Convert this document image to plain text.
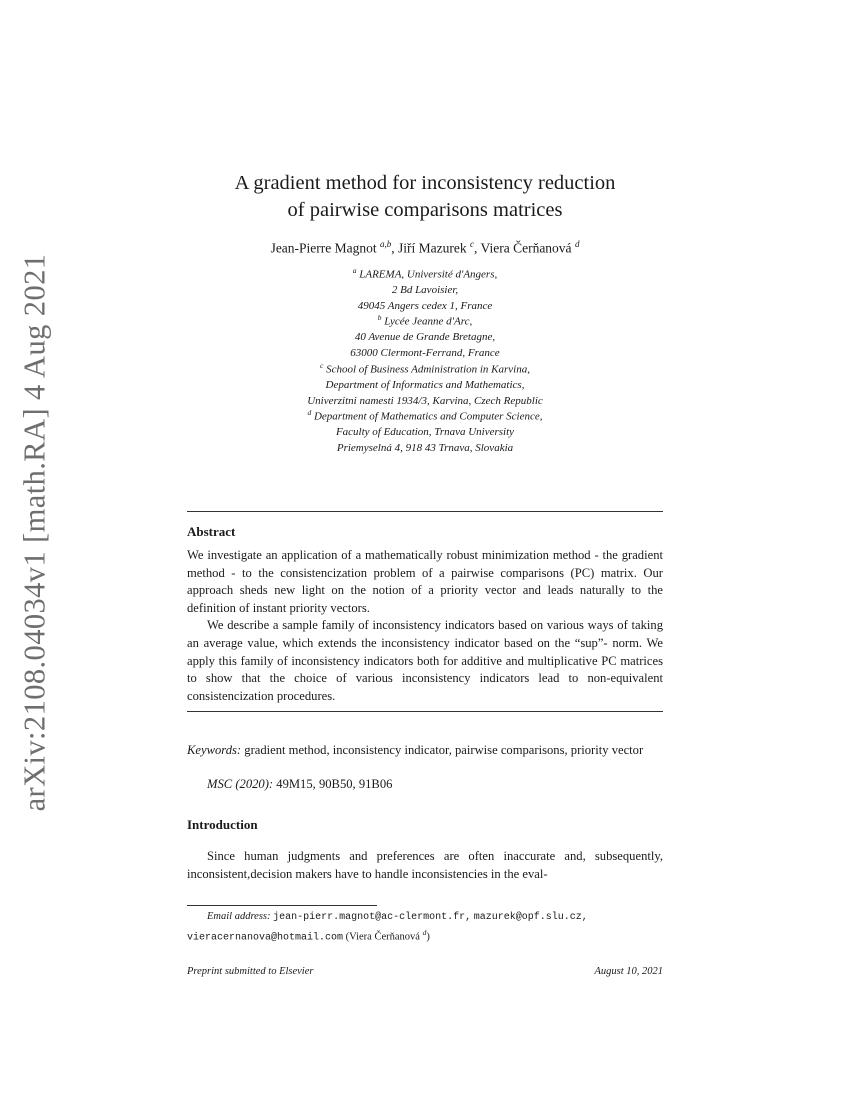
arXiv:2108.04034v1 [math.RA] 4 Aug 2021
A gradient method for inconsistency reduction
of pairwise comparisons matrices
Jean-Pierre Magnot $^{a,b}$, Jiří Mazurek $^c$, Viera Čerňanová $^d$
$^a$ LAREMA, Université d'Angers,
2 Bd Lavoisier,
49045 Angers cedex 1, France
$^b$ Lycée Jeanne d'Arc,
40 Avenue de Grande Bretagne,
63000 Clermont-Ferrand, France
$^c$ School of Business Administration in Karvina,
Department of Informatics and Mathematics,
Univerzitni namesti 1934/3, Karvina, Czech Republic
$^d$ Department of Mathematics and Computer Science,
Faculty of Education, Trnava University
Priemyselná 4, 918 43 Trnava, Slovakia
Abstract

We investigate an application of a mathematically robust minimization method - the gradient method - to the consistencization problem of a pairwise comparisons (PC) matrix. Our approach sheds new light on the notion of a priority vector and leads naturally to the definition of instant priority vectors.

We describe a sample family of inconsistency indicators based on various ways of taking an average value, which extends the inconsistency indicator based on the “sup”- norm. We apply this family of inconsistency indicators both for additive and multiplicative PC matrices to show that the choice of various inconsistency indicators lead to non-equivalent consistencization procedures.

Keywords: gradient method, inconsistency indicator, pairwise comparisons, priority vector
MSC (2020): 49M15, 90B50, 91B06
Introduction
Since human judgments and preferences are often inaccurate and, subsequently, inconsistent,decision makers have to handle inconsistencies in the eval-
Email address: jean-pierr.magnot@ac-clermont.fr, mazurek@opf.slu.cz,
vieracernanova@hotmail.com (Viera Čerňanová $^d$)
Preprint submitted to Elsevier	August 10, 2021
